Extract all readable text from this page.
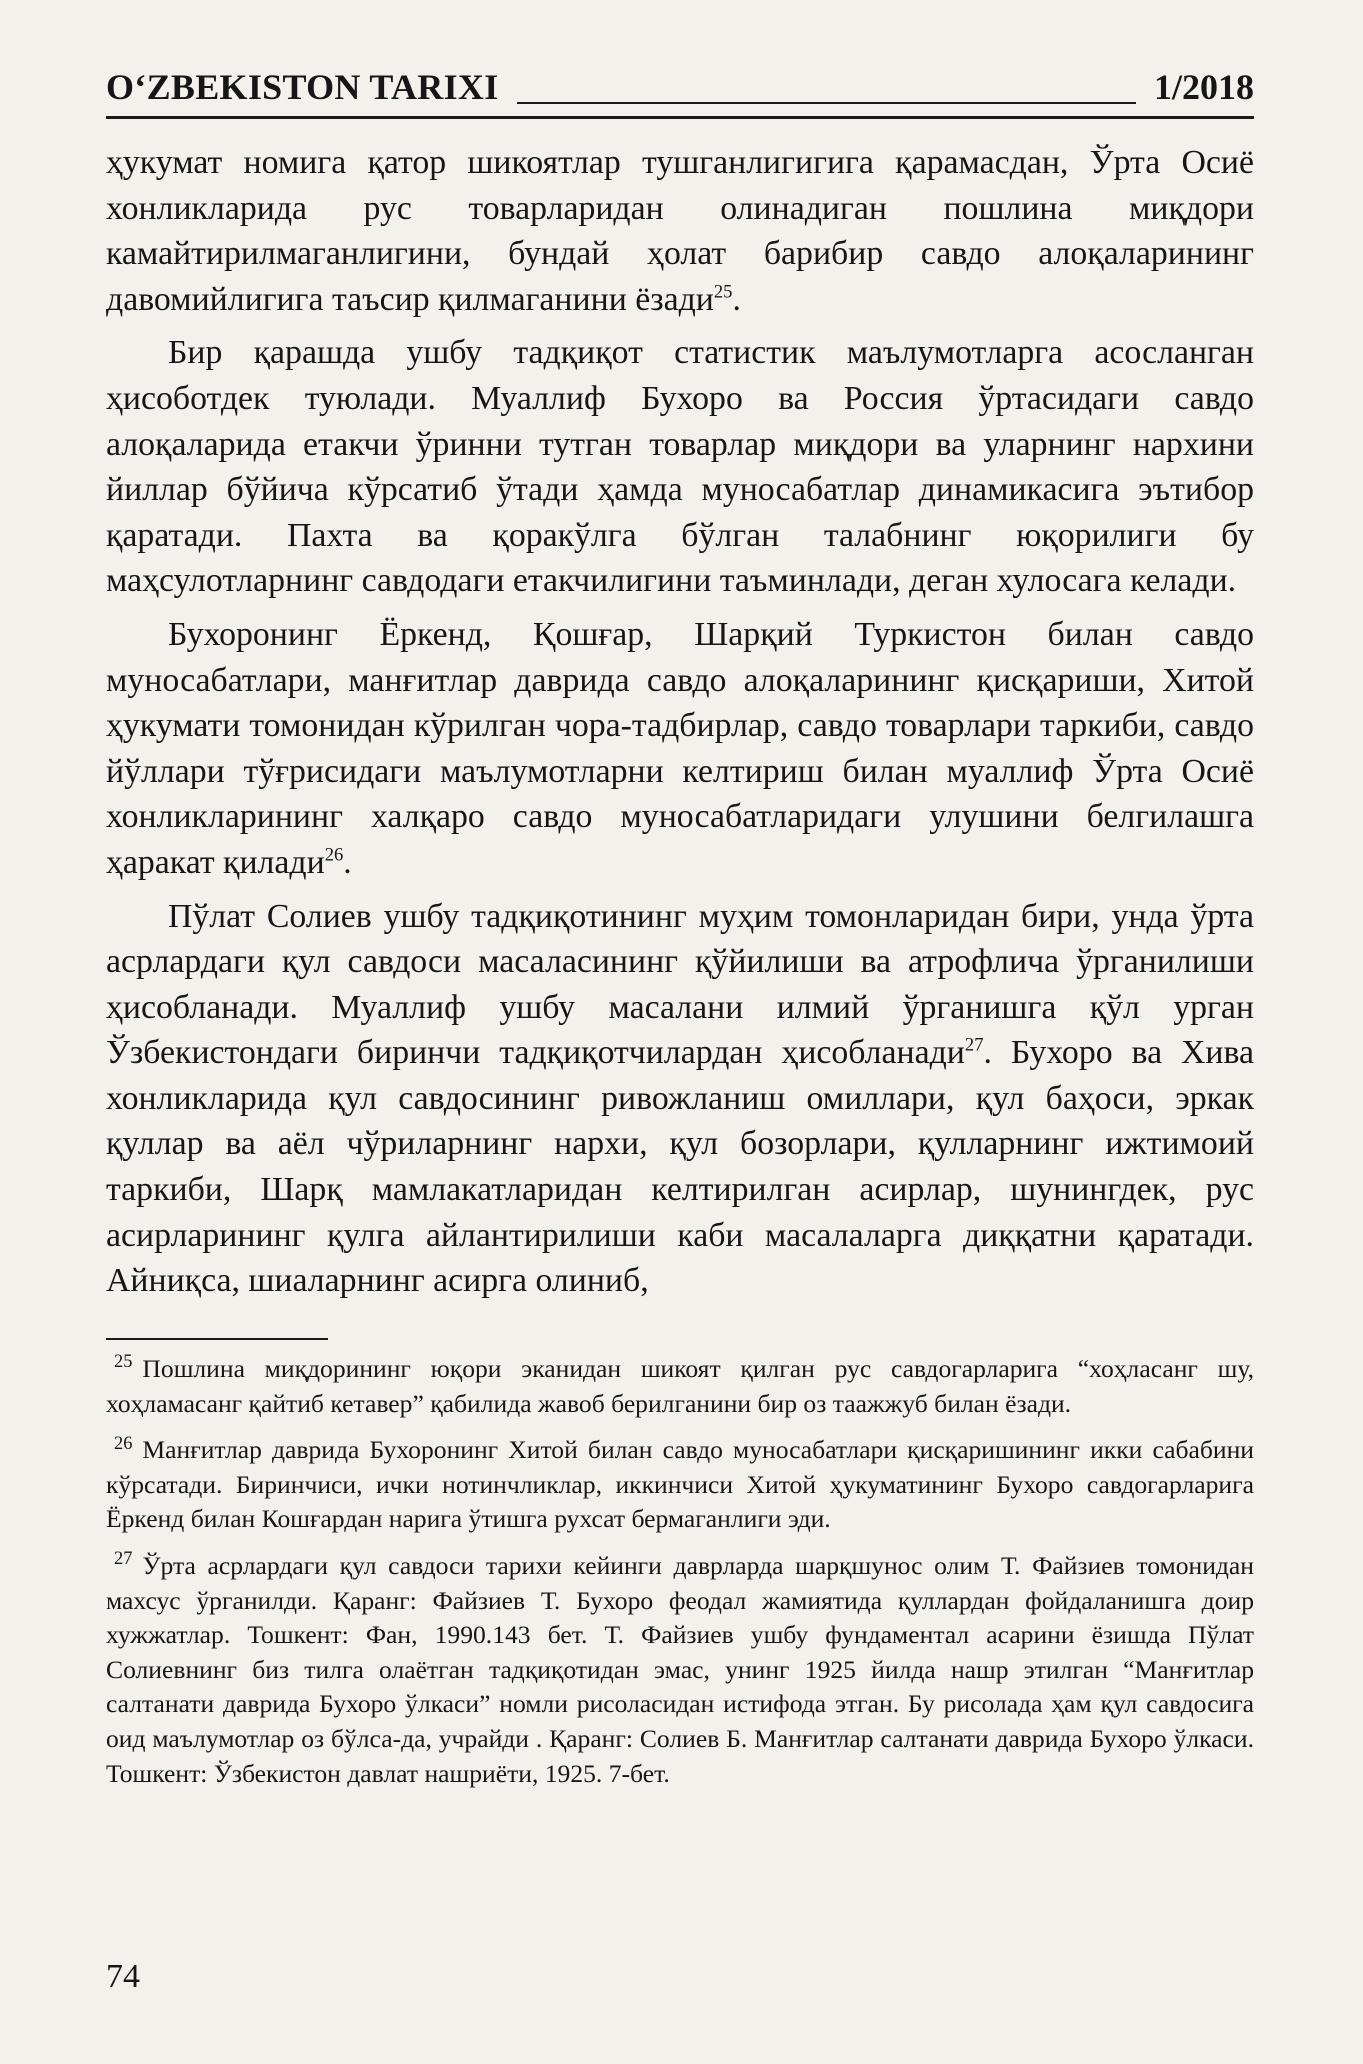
O‘ZBEKISTON TARIXI	1/2018

ҳукумат номига қатор шикоятлар тушганлигигига қарамасдан, Ўрта Осиё хонликларида рус товарларидан олинадиган пошлина миқдори камайтирилмаганлигини, бундай ҳолат барибир савдо алоқаларининг давомийлигига таъсир қилмаганини ёзади$^{25}$.

Бир қарашда ушбу тадқиқот статистик маълумотларга асосланган ҳисоботдек туюлади. Муаллиф Бухоро ва Россия ўртасидаги савдо алоқаларида етакчи ўринни тутган товарлар миқдори ва уларнинг нархини йиллар бўйича кўрсатиб ўтади ҳамда муносабатлар динамикасига эътибор қаратади. Пахта ва қоракўлга бўлган талабнинг юқорилиги бу маҳсулотларнинг савдодаги етакчилигини таъминлади, деган хулосага келади.

Бухоронинг Ёркенд, Қошғар, Шарқий Туркистон билан савдо муносабатлари, манғитлар даврида савдо алоқаларининг қисқариши, Хитой ҳукумати томонидан кўрилган чора-тадбирлар, савдо товарлари таркиби, савдо йўллари тўғрисидаги маълумотларни келтириш билан муаллиф Ўрта Осиё хонликларининг халқаро савдо муносабатларидаги улушини белгилашга ҳаракат қилади$^{26}$.

Пўлат Солиев ушбу тадқиқотининг муҳим томонларидан бири, унда ўрта асрлардаги қул савдоси масаласининг қўйилиши ва атрофлича ўрганилиши ҳисобланади. Муаллиф ушбу масалани илмий ўрганишга қўл урган Ўзбекистондаги биринчи тадқиқотчилардан ҳисобланади$^{27}$. Бухоро ва Хива хонликларида қул савдосининг ривожланиш омиллари, қул баҳоси, эркак қуллар ва аёл чўриларнинг нархи, қул бозорлари, қулларнинг ижтимоий таркиби, Шарқ мамлакатларидан келтирилган асирлар, шунингдек, рус асирларининг қулга айлантирилиши каби масалаларга диққатни қаратади. Айниқса, шиаларнинг асирга олиниб,

$^{25}$ Пошлина миқдорининг юқори эканидан шикоят қилган рус савдогарларига “хоҳласанг шу, хоҳламасанг қайтиб кетавер” қабилида жавоб берилганини бир оз таажжуб билан ёзади.

$^{26}$ Манғитлар даврида Бухоронинг Хитой билан савдо муносабатлари қисқаришининг икки сабабини кўрсатади. Биринчиси, ички нотинчликлар, иккинчиси Хитой ҳукуматининг Бухоро савдогарларига Ёркенд билан Кошғардан нарига ўтишга рухсат бермаганлиги эди.

$^{27}$ Ўрта асрлардаги қул савдоси тарихи кейинги даврларда шарқшунос олим Т. Файзиев томонидан махсус ўрганилди. Қаранг: Файзиев Т. Бухоро феодал жамиятида қуллардан фойдаланишга доир хужжатлар. Тошкент: Фан, 1990.143 бет. Т. Файзиев ушбу фундаментал асарини ёзишда Пўлат Солиевнинг биз тилга олаётган тадқиқотидан эмас, унинг 1925 йилда нашр этилган “Манғитлар салтанати даврида Бухоро ўлкаси” номли рисоласидан истифода этган. Бу рисолада ҳам қул савдосига оид маълумотлар оз бўлса-да, учрайди . Қаранг: Солиев Б. Манғитлар салтанати даврида Бухоро ўлкаси. Тошкент: Ўзбекистон давлат нашриёти, 1925. 7-бет.

74
